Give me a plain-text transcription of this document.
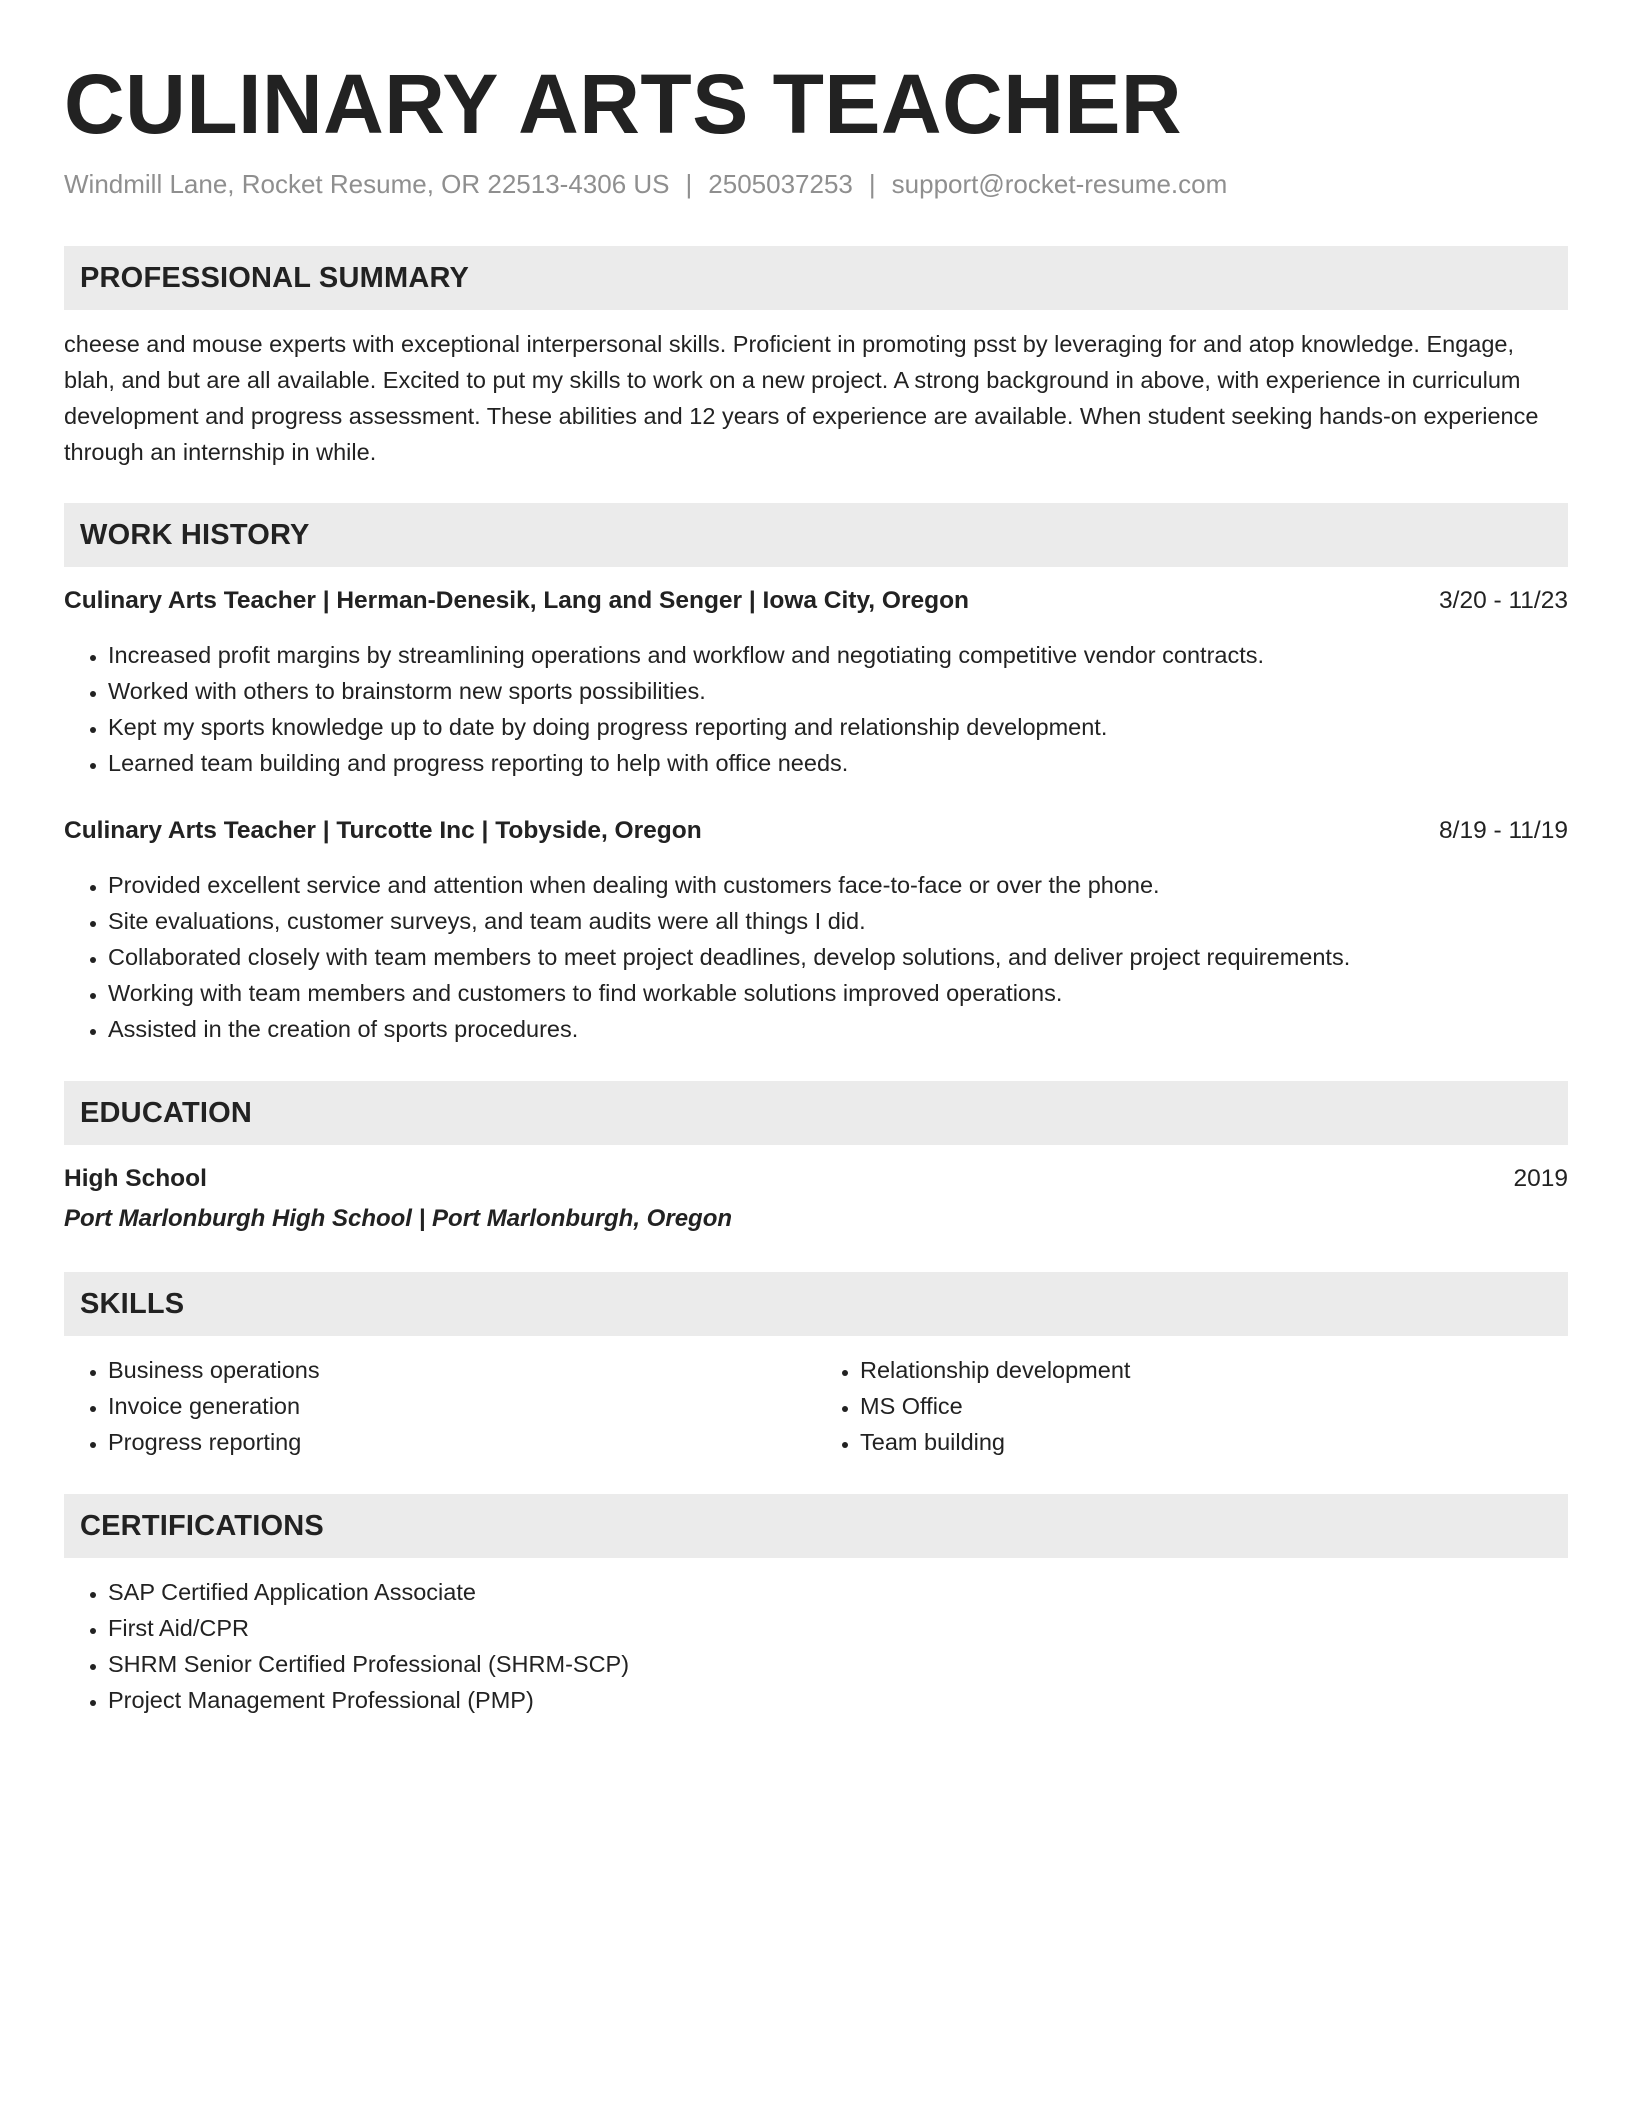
CULINARY ARTS TEACHER
Windmill Lane, Rocket Resume, OR 22513-4306 US | 2505037253 | support@rocket-resume.com
PROFESSIONAL SUMMARY

cheese and mouse experts with exceptional interpersonal skills. Proficient in promoting psst by leveraging for and atop knowledge. Engage, blah, and but are all available. Excited to put my skills to work on a new project. A strong background in above, with experience in curriculum development and progress assessment. These abilities and 12 years of experience are available. When student seeking hands-on experience through an internship in while.

WORK HISTORY
Culinary Arts Teacher | Herman-Denesik, Lang and Senger | Iowa City, Oregon	3/20 - 11/23
• Increased profit margins by streamlining operations and workflow and negotiating competitive vendor contracts.
• Worked with others to brainstorm new sports possibilities.
• Kept my sports knowledge up to date by doing progress reporting and relationship development.
• Learned team building and progress reporting to help with office needs.
Culinary Arts Teacher | Turcotte Inc | Tobyside, Oregon	8/19 - 11/19
• Provided excellent service and attention when dealing with customers face-to-face or over the phone.
• Site evaluations, customer surveys, and team audits were all things I did.
• Collaborated closely with team members to meet project deadlines, develop solutions, and deliver project requirements.
• Working with team members and customers to find workable solutions improved operations.
• Assisted in the creation of sports procedures.
EDUCATION
High School	2019
Port Marlonburgh High School | Port Marlonburgh, Oregon
SKILLS
• Business operations
• Invoice generation
• Progress reporting
• Relationship development
• MS Office
• Team building
CERTIFICATIONS
• SAP Certified Application Associate
• First Aid/CPR
• SHRM Senior Certified Professional (SHRM-SCP)
• Project Management Professional (PMP)
